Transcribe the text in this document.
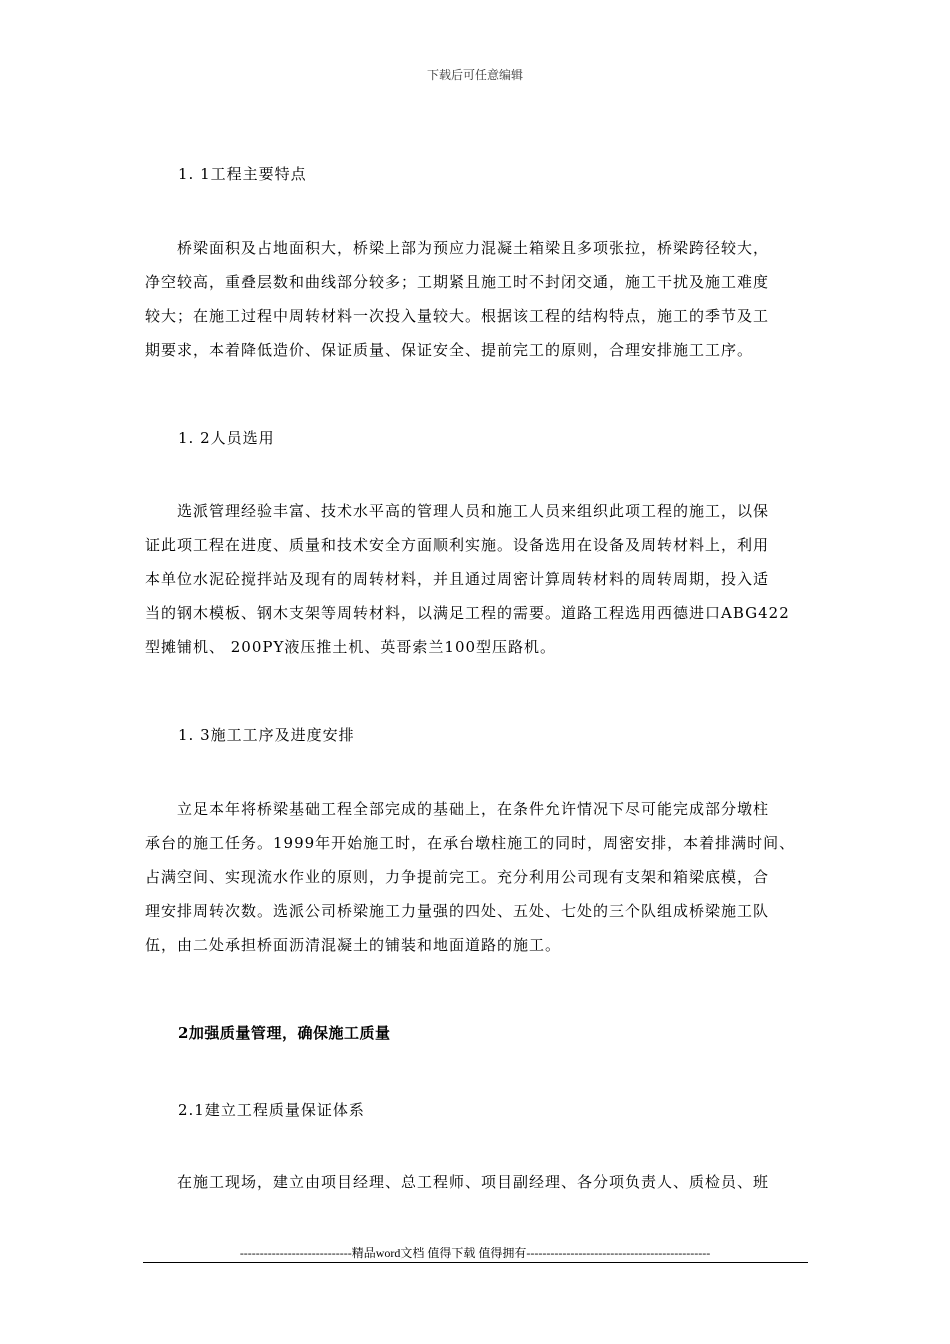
下载后可任意编辑
1. 1工程主要特点
桥梁面积及占地面积大，桥梁上部为预应力混凝土箱梁且多项张拉，桥梁跨径较大，
净空较高，重叠层数和曲线部分较多；工期紧且施工时不封闭交通，施工干扰及施工难度
较大；在施工过程中周转材料一次投入量较大。根据该工程的结构特点，施工的季节及工
期要求，本着降低造价、保证质量、保证安全、提前完工的原则，合理安排施工工序。
1. 2人员选用
选派管理经验丰富、技术水平高的管理人员和施工人员来组织此项工程的施工，以保
证此项工程在进度、质量和技术安全方面顺利实施。设备选用在设备及周转材料上，利用
本单位水泥砼搅拌站及现有的周转材料，并且通过周密计算周转材料的周转周期，投入适
当的钢木模板、钢木支架等周转材料，以满足工程的需要。道路工程选用西德进口ABG422
型摊铺机、 200PY液压推土机、英哥索兰100型压路机。
1. 3施工工序及进度安排
立足本年将桥梁基础工程全部完成的基础上，在条件允许情况下尽可能完成部分墩柱
承台的施工任务。1999年开始施工时，在承台墩柱施工的同时，周密安排，本着排满时间、
占满空间、实现流水作业的原则，力争提前完工。充分利用公司现有支架和箱梁底模，合
理安排周转次数。选派公司桥梁施工力量强的四处、五处、七处的三个队组成桥梁施工队
伍，由二处承担桥面沥清混凝土的铺装和地面道路的施工。
2加强质量管理，确保施工质量
2.1建立工程质量保证体系
在施工现场，建立由项目经理、总工程师、项目副经理、各分项负责人、质检员、班
----------------------------精品word文档 值得下载 值得拥有----------------------------------------------
